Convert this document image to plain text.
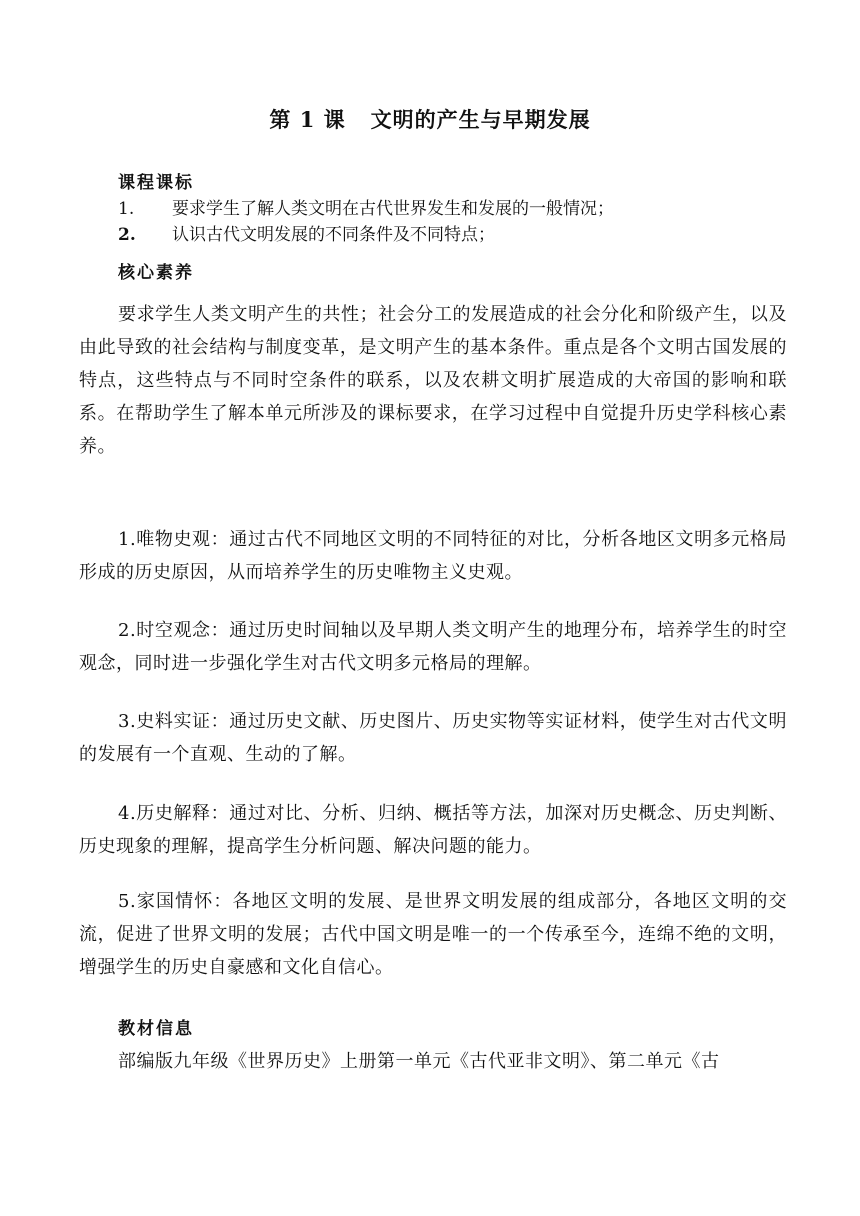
第 1 课   文明的产生与早期发展
课程课标
1. 要求学生了解人类文明在古代世界发生和发展的一般情况；
2. 认识古代文明发展的不同条件及不同特点；
核心素养
要求学生人类文明产生的共性；社会分工的发展造成的社会分化和阶级产生，以及由此导致的社会结构与制度变革，是文明产生的基本条件。重点是各个文明古国发展的特点，这些特点与不同时空条件的联系，以及农耕文明扩展造成的大帝国的影响和联系。在帮助学生了解本单元所涉及的课标要求，在学习过程中自觉提升历史学科核心素养。
1.唯物史观：通过古代不同地区文明的不同特征的对比，分析各地区文明多元格局形成的历史原因，从而培养学生的历史唯物主义史观。
2.时空观念：通过历史时间轴以及早期人类文明产生的地理分布，培养学生的时空观念，同时进一步强化学生对古代文明多元格局的理解。
3.史料实证：通过历史文献、历史图片、历史实物等实证材料，使学生对古代文明的发展有一个直观、生动的了解。
4.历史解释：通过对比、分析、归纳、概括等方法，加深对历史概念、历史判断、历史现象的理解，提高学生分析问题、解决问题的能力。
5.家国情怀：各地区文明的发展、是世界文明发展的组成部分，各地区文明的交流，促进了世界文明的发展；古代中国文明是唯一的一个传承至今，连绵不绝的文明，增强学生的历史自豪感和文化自信心。
教材信息
部编版九年级《世界历史》上册第一单元《古代亚非文明》、第二单元《古
